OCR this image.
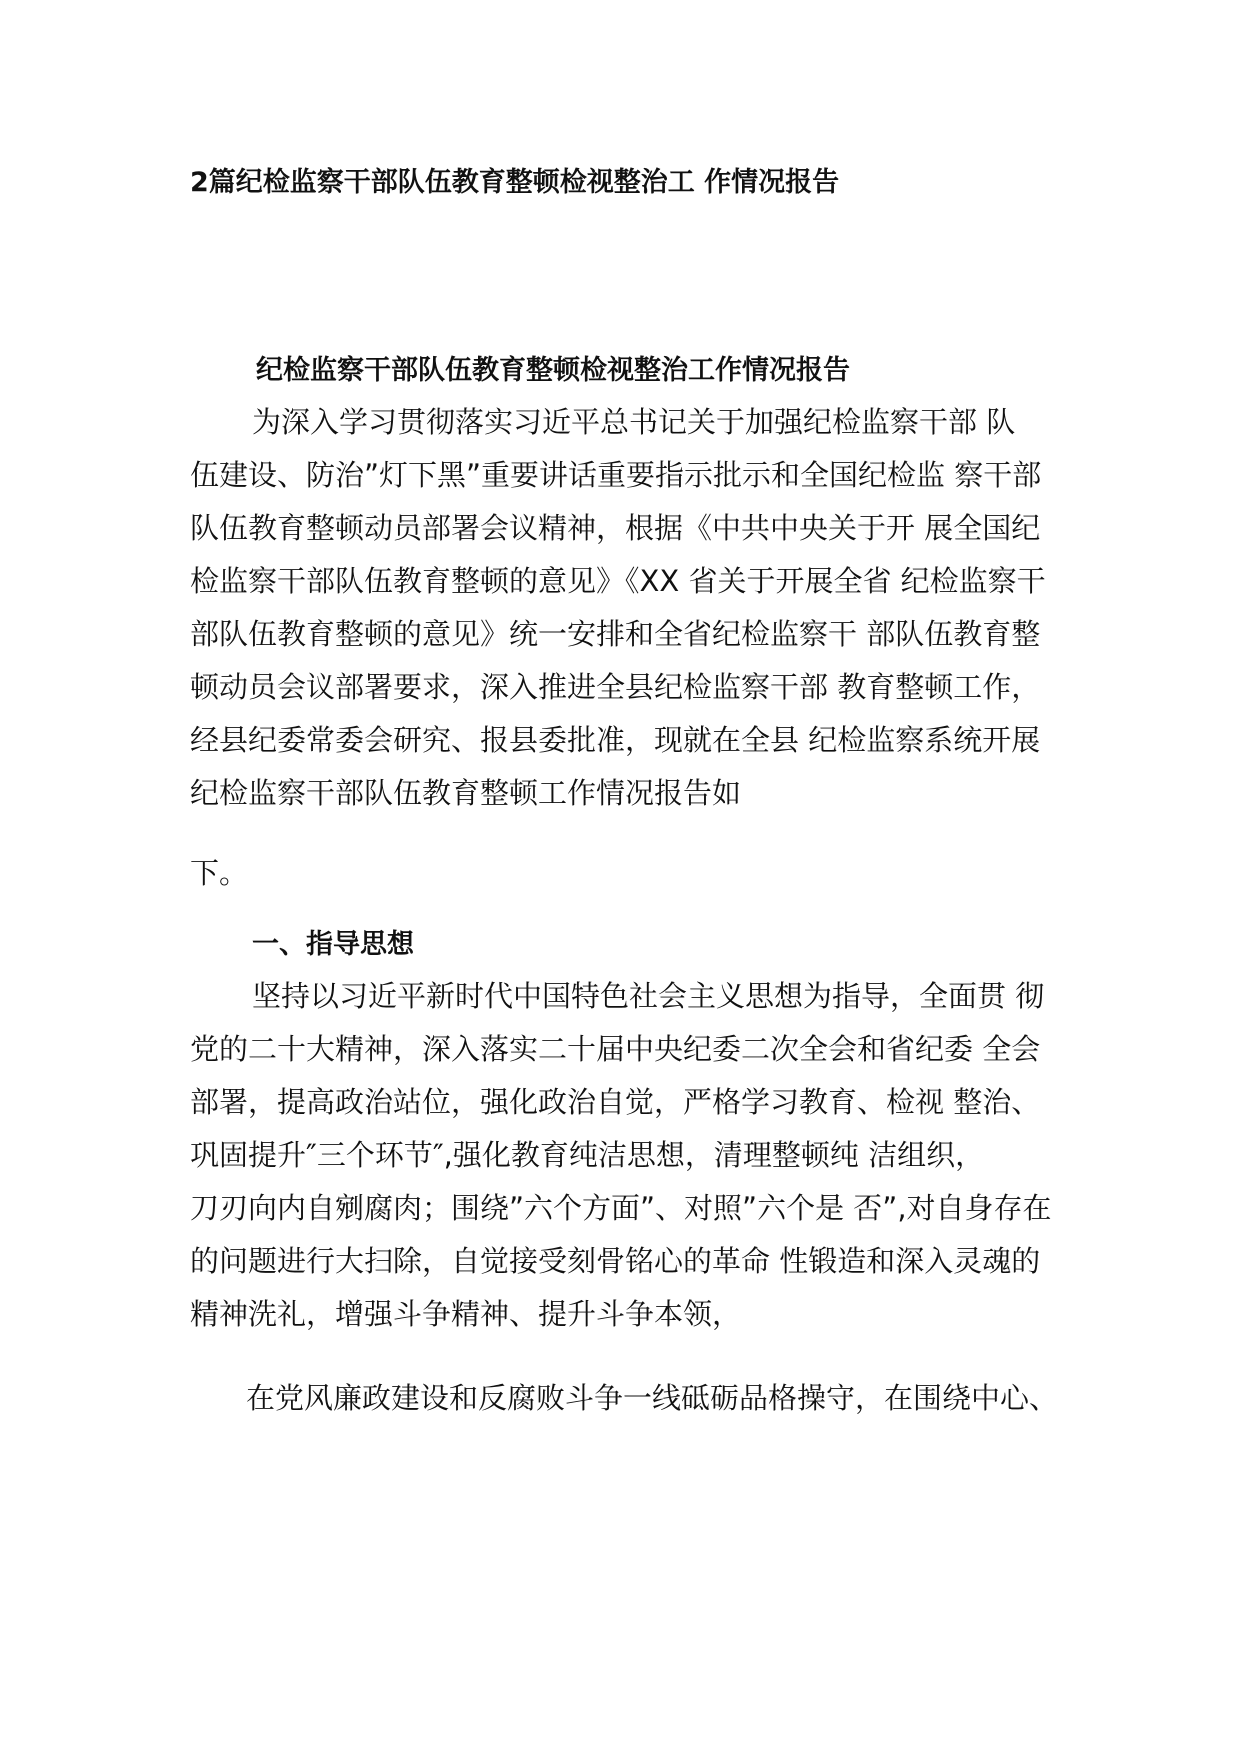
2篇纪检监察干部队伍教育整顿检视整治工 作情况报告
纪检监察干部队伍教育整顿检视整治工作情况报告
为深入学习贯彻落实习近平总书记关于加强纪检监察干部 队
伍建设、防治”灯下黑”重要讲话重要指示批示和全国纪检监 察干部
队伍教育整顿动员部署会议精神，根据《中共中央关于开 展全国纪
检监察干部队伍教育整顿的意见》《XX 省关于开展全省 纪检监察干
部队伍教育整顿的意见》统一安排和全省纪检监察干 部队伍教育整
顿动员会议部署要求，深入推进全县纪检监察干部 教育整顿工作，
经县纪委常委会研究、报县委批准，现就在全县 纪检监察系统开展
纪检监察干部队伍教育整顿工作情况报告如
下。
一、指导思想
坚持以习近平新时代中国特色社会主义思想为指导，全面贯 彻
党的二十大精神，深入落实二十届中央纪委二次全会和省纪委 全会
部署，提高政治站位，强化政治自觉，严格学习教育、检视 整治、
巩固提升″三个环节″,强化教育纯洁思想，清理整顿纯 洁组织，
刀刃向内自剜腐肉；围绕”六个方面”、对照”六个是 否”,对自身存在
的问题进行大扫除，自觉接受刻骨铭心的革命 性锻造和深入灵魂的
精神洗礼，增强斗争精神、提升斗争本领，
在党风廉政建设和反腐败斗争一线砥砺品格操守，在围绕中心、
